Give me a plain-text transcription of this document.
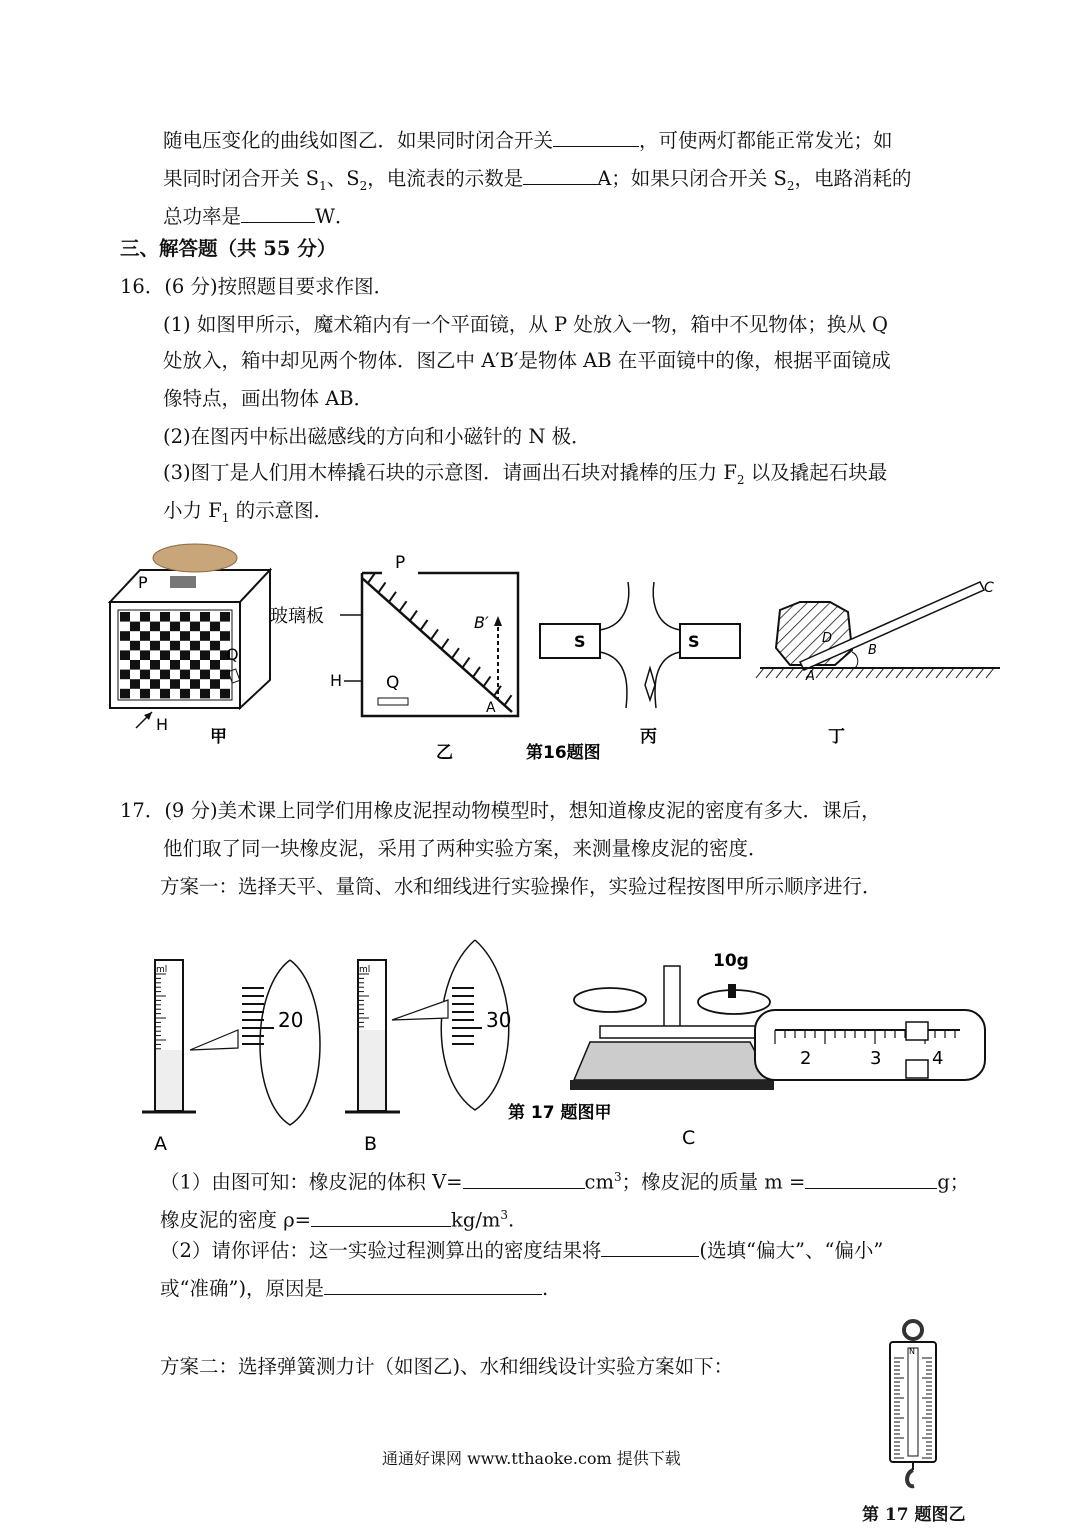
随电压变化的曲线如图乙．如果同时闭合开关	，可使两灯都能正常发光；如
果同时闭合开关 $S_1$、$S_2$，电流表的示数是	A；如果只闭合开关 $S_2$，电路消耗的
总功率是	W．
三、解答题（共 55 分）
16．(6 分)按照题目要求作图．
(1) 如图甲所示，魔术箱内有一个平面镜，从 P 处放入一物，箱中不见物体；换从 Q
处放入，箱中却见两个物体．图乙中 A′B′是物体 AB 在平面镜中的像，根据平面镜成
像特点，画出物体 AB．
(2)在图丙中标出磁感线的方向和小磁针的 N 极．
(3)图丁是人们用木棒撬石块的示意图．请画出石块对撬棒的压力 $F_2$ 以及撬起石块最
小力 $F_1$ 的示意图．
P
Q
H
甲
P
玻璃板
H	Q
B′
A
乙	第16题图
S	S
丙
C
D
B
A
丁
17．(9 分)美术课上同学们用橡皮泥捏动物模型时，想知道橡皮泥的密度有多大．课后，
他们取了同一块橡皮泥，采用了两种实验方案，来测量橡皮泥的密度．
方案一：选择天平、量筒、水和细线进行实验操作，实验过程按图甲所示顺序进行．
ml
20
A
ml
30
B
10g
2	3	4
第 17 题图甲
C
（1）由图可知：橡皮泥的体积 V=	$cm^3$；橡皮泥的质量 m =	g；
橡皮泥的密度 ρ=	$kg/m^3$.
（2）请你评估：这一实验过程测算出的密度结果将	(选填“偏大”、“偏小”
或“准确”)，原因是	.
方案二：选择弹簧测力计（如图乙)、水和细线设计实验方案如下：
N
第 17 题图乙
通通好课网 www.tthaoke.com 提供下载
